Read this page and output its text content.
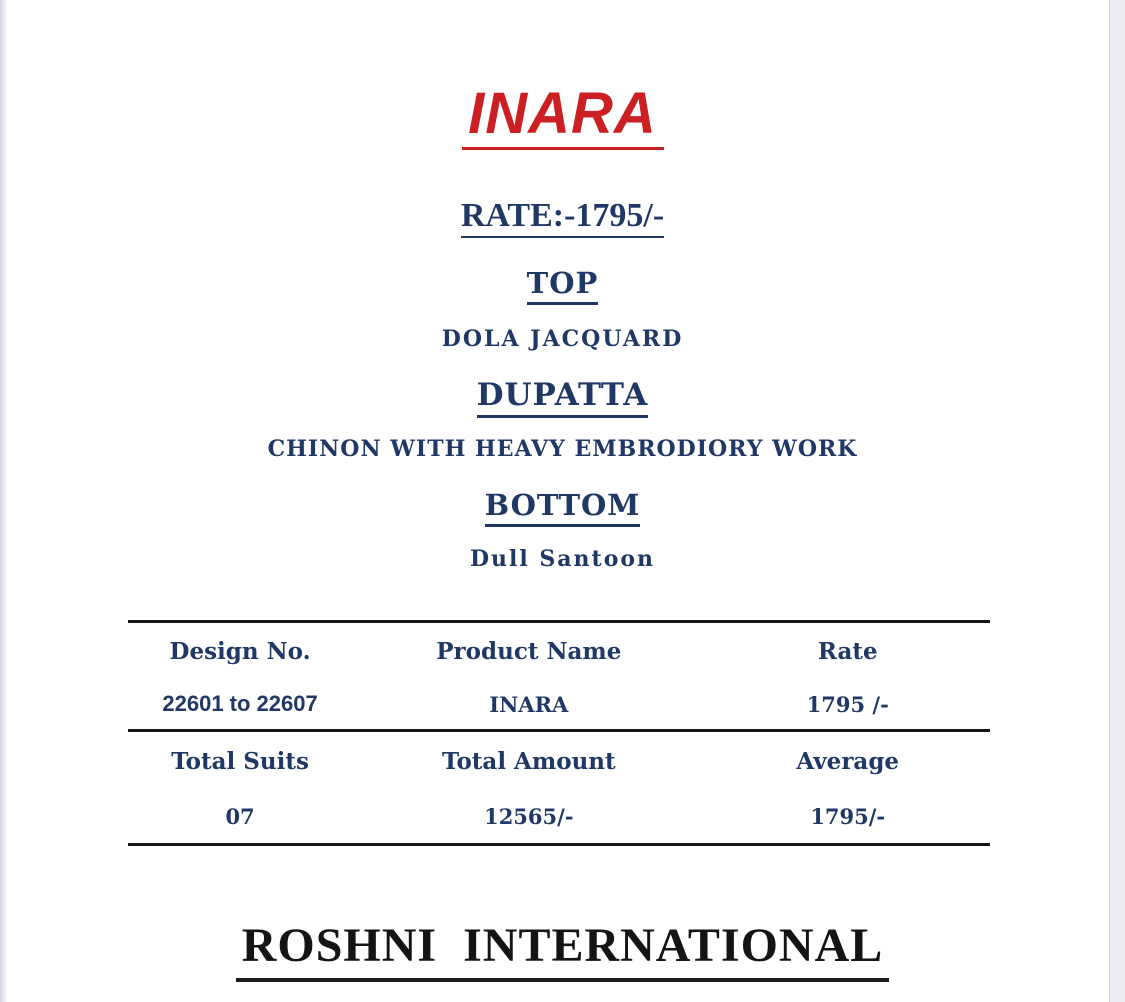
INARA
RATE:-1795/-
TOP
DOLA JACQUARD
DUPATTA
CHINON WITH HEAVY EMBRODIORY WORK
BOTTOM
Dull Santoon
Design No.	Product Name	Rate
22601 to 22607	INARA	1795 /-
Total Suits	Total Amount	Average
07	12565/-	1795/-
ROSHNI  INTERNATIONAL
